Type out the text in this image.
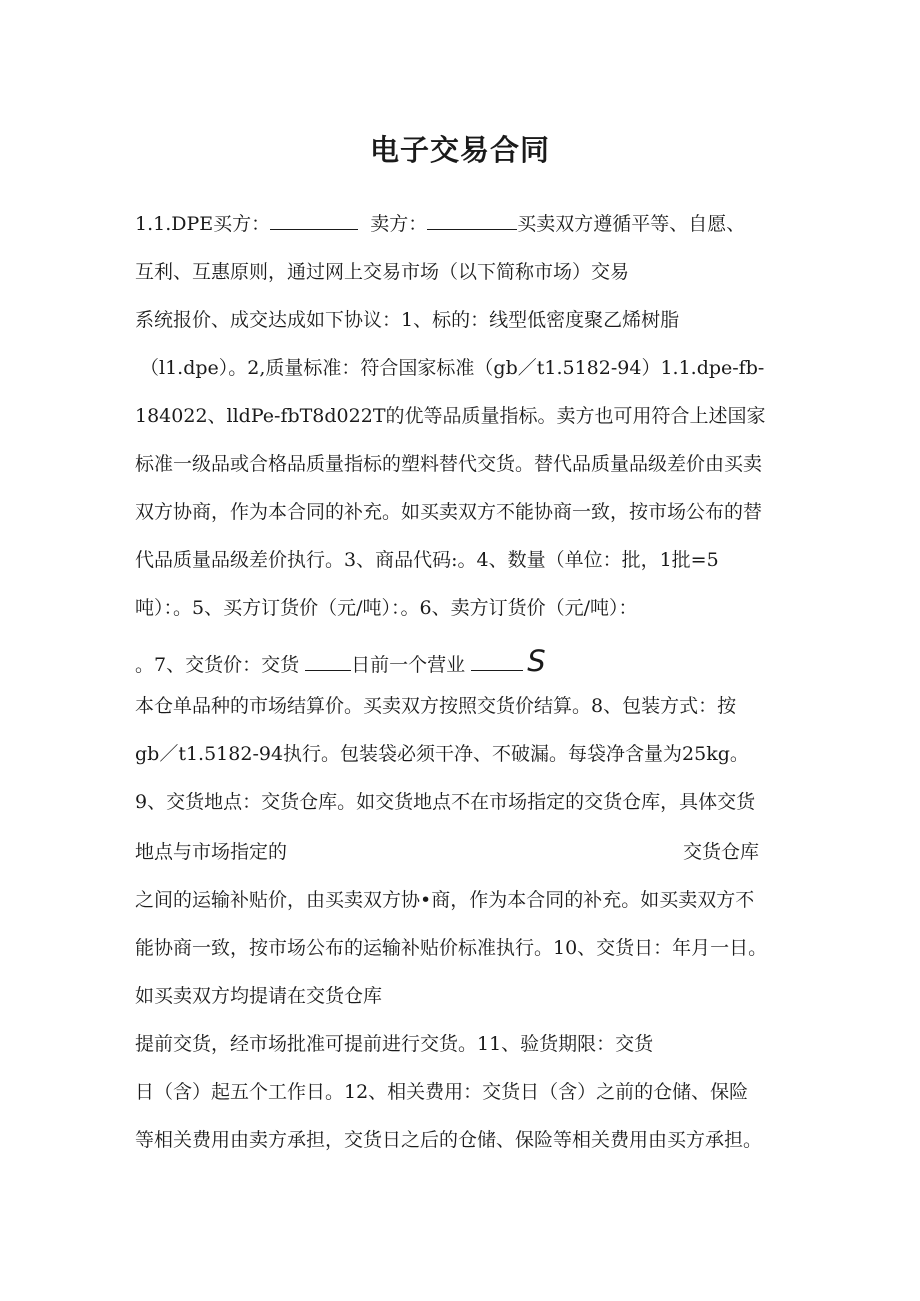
电子交易合同
1.1.DPE买方：	卖方：	买卖双方遵循平等、自愿、
互利、互惠原则，通过网上交易市场（以下简称市场）交易
系统报价、成交达成如下协议：1、标的：线型低密度聚乙烯树脂
（l1.dpe）。2,质量标准：符合国家标准（gb／t1.5182-94）1.1.dpe-fb-
184022、lldPe-fbT8d022T的优等品质量指标。卖方也可用符合上述国家
标准一级品或合格品质量指标的塑料替代交货。替代品质量品级差价由买卖
双方协商，作为本合同的补充。如买卖双方不能协商一致，按市场公布的替
代品质量品级差价执行。3、商品代码:。4、数量（单位：批，1批=5
吨）：。5、买方订货价（元/吨）：。6、卖方订货价（元/吨）：
。7、交货价：交货	日前一个营业 S
本仓单品种的市场结算价。买卖双方按照交货价结算。8、包装方式：按
gb／t1.5182-94执行。包装袋必须干净、不破漏。每袋净含量为25kg。
9、交货地点：交货仓库。如交货地点不在市场指定的交货仓库，具体交货
地点与市场指定的	交货仓库
之间的运输补贴价，由买卖双方协•商，作为本合同的补充。如买卖双方不
能协商一致，按市场公布的运输补贴价标准执行。10、交货日：年月一日。
如买卖双方均提请在交货仓库
提前交货，经市场批准可提前进行交货。11、验货期限：交货
日（含）起五个工作日。12、相关费用：交货日（含）之前的仓储、保险
等相关费用由卖方承担，交货日之后的仓储、保险等相关费用由买方承担。
